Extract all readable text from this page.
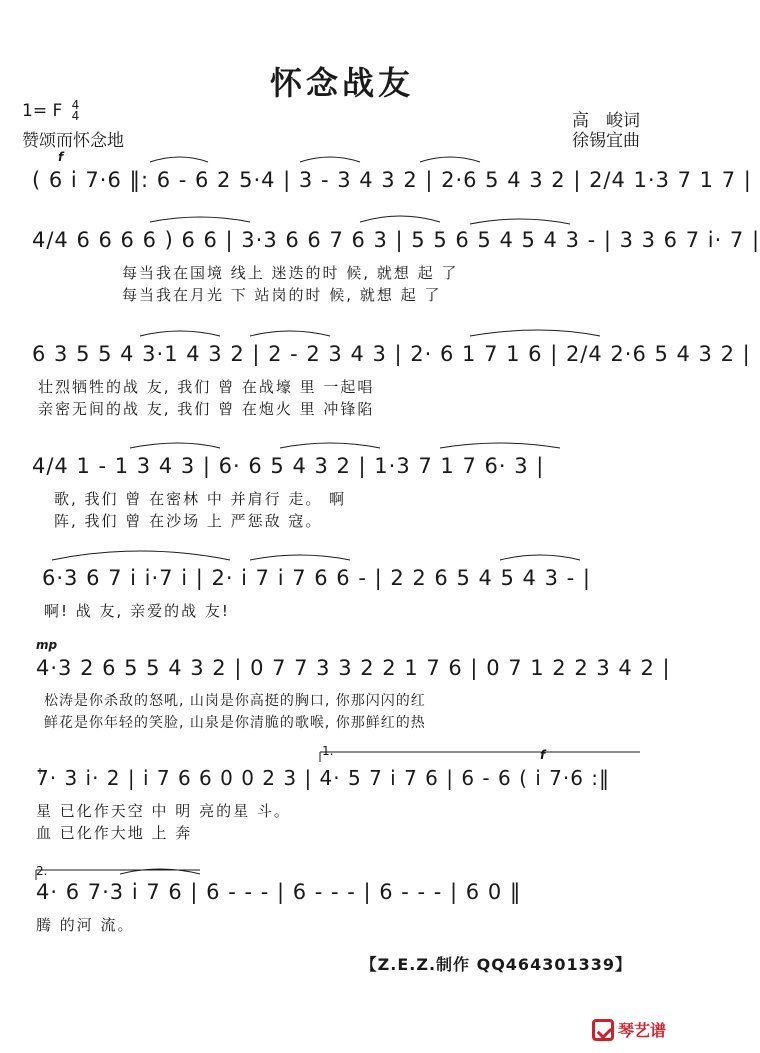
怀念战友
1= F 4
4
赞颂而怀念地
高　峻词
徐锡宜曲
f
( 6 i 7·6 ‖: 6 - 6 2 5·4 | 3 - 3 4 3 2 | 2·6 5 4 3 2 | 2/4 1·3 7 1 7 |
4/4 6 6 6 6 ) 6 6 | 3·3 6 6 7 6 3 | 5 5 6 5 4 5 4 3 - | 3 3 6 7 i· 7 |
每当我在国境 线上 迷迭的时 候, 就想 起 了
每当我在月光 下 站岗的时 候, 就想 起 了
6 3 5 5 4 3·1 4 3 2 | 2 - 2 3 4 3 | 2· 6 1 7 1 6 | 2/4 2·6 5 4 3 2 |
壮烈牺牲的战 友, 我们 曾 在战壕 里 一起唱
亲密无间的战 友, 我们 曾 在炮火 里 冲锋陷
4/4 1 - 1 3 4 3 | 6· 6 5 4 3 2 | 1·3 7 1 7 6· 3 |
歌, 我们 曾 在密林 中 并肩行 走。 啊
阵, 我们 曾 在沙场 上 严惩敌 寇。
6·3 6 7 i i·7 i | 2· i 7 i 7 6 6 - | 2 2 6 5 4 5 4 3 - |
啊! 战 友, 亲爱的战 友!
mp
4·3 2 6 5 5 4 3 2 | 0 7 7 3 3 2 2 1 7 6 | 0 7 1 2 2 3 4 2 |
松涛是你杀敌的怒吼, 山岗是你高挺的胸口, 你那闪闪的红
鲜花是你年轻的笑脸, 山泉是你清脆的歌喉, 你那鲜红的热
1.	f
7· 3 i· 2 | i 7 6 6 0 0 2 3 | 4· 5 7 i 7 6 | 6 - 6 ( i 7·6 :‖
星 已化作天空 中 明 亮的星 斗。
血 已化作大地 上 奔
2.
4· 6 7·3 i 7 6 | 6 - - - | 6 - - - | 6 - - - | 6 0 ‖
腾 的河 流。
【Z.E.Z.制作 QQ464301339】
琴艺谱
